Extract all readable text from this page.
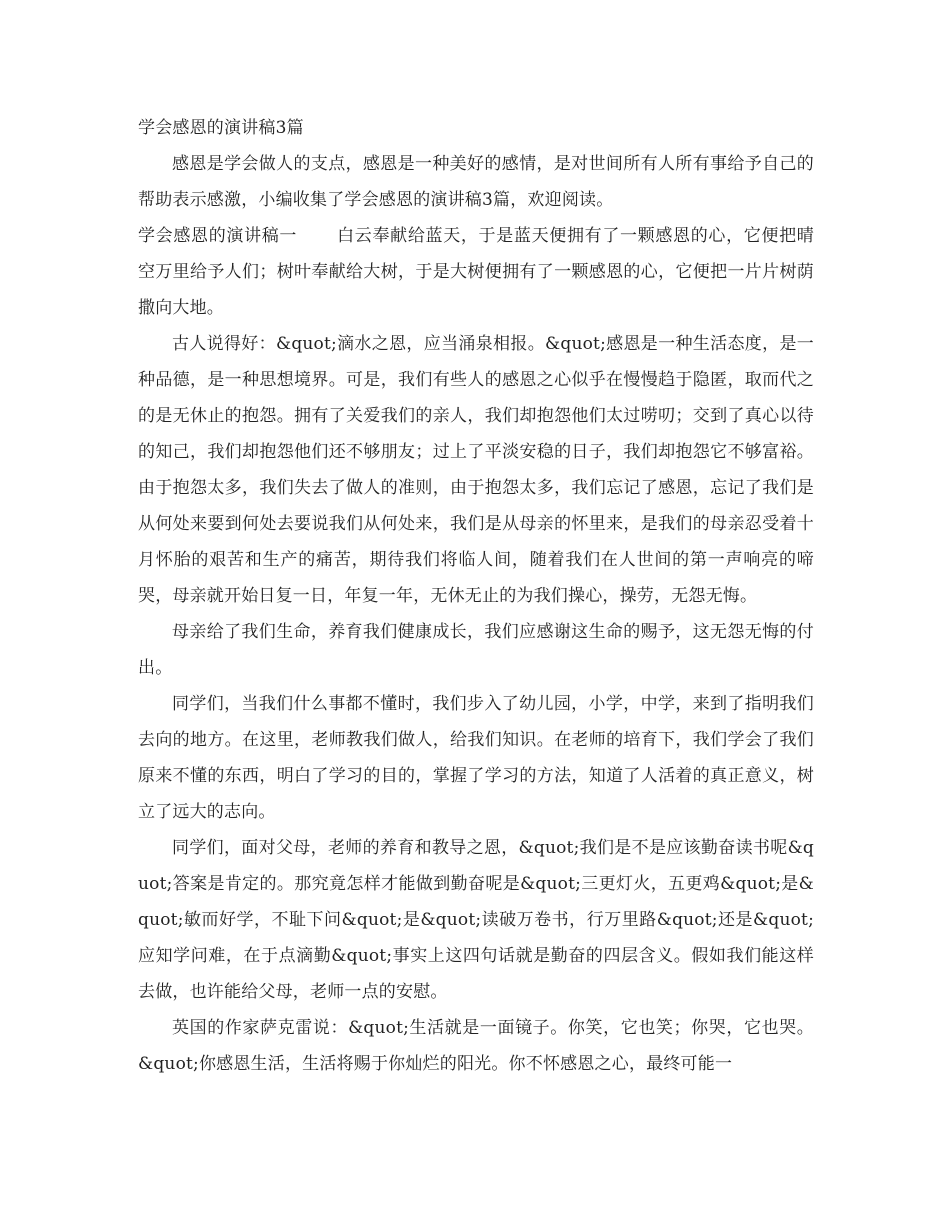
学会感恩的演讲稿3篇

感恩是学会做人的支点，感恩是一种美好的感情，是对世间所有人所有事给予自己的帮助表示感激，小编收集了学会感恩的演讲稿3篇，欢迎阅读。

学会感恩的演讲稿一 白云奉献给蓝天，于是蓝天便拥有了一颗感恩的心，它便把晴空万里给予人们；树叶奉献给大树，于是大树便拥有了一颗感恩的心，它便把一片片树荫撒向大地。

古人说得好：&quot;滴水之恩，应当涌泉相报。&quot;感恩是一种生活态度，是一种品德，是一种思想境界。可是，我们有些人的感恩之心似乎在慢慢趋于隐匿，取而代之的是无休止的抱怨。拥有了关爱我们的亲人，我们却抱怨他们太过唠叨；交到了真心以待的知己，我们却抱怨他们还不够朋友；过上了平淡安稳的日子，我们却抱怨它不够富裕。由于抱怨太多，我们失去了做人的准则，由于抱怨太多，我们忘记了感恩，忘记了我们是从何处来要到何处去要说我们从何处来，我们是从母亲的怀里来，是我们的母亲忍受着十月怀胎的艰苦和生产的痛苦，期待我们将临人间，随着我们在人世间的第一声响亮的啼哭，母亲就开始日复一日，年复一年，无休无止的为我们操心，操劳，无怨无悔。

母亲给了我们生命，养育我们健康成长，我们应感谢这生命的赐予，这无怨无悔的付出。

同学们，当我们什么事都不懂时，我们步入了幼儿园，小学，中学，来到了指明我们去向的地方。在这里，老师教我们做人，给我们知识。在老师的培育下，我们学会了我们原来不懂的东西，明白了学习的目的，掌握了学习的方法，知道了人活着的真正意义，树立了远大的志向。

同学们，面对父母，老师的养育和教导之恩，&quot;我们是不是应该勤奋读书呢&quot;答案是肯定的。那究竟怎样才能做到勤奋呢是&quot;三更灯火，五更鸡&quot;是&quot;敏而好学，不耻下问&quot;是&quot;读破万卷书，行万里路&quot;还是&quot;应知学问难，在于点滴勤&quot;事实上这四句话就是勤奋的四层含义。假如我们能这样去做，也许能给父母，老师一点的安慰。

英国的作家萨克雷说：&quot;生活就是一面镜子。你笑，它也笑；你哭，它也哭。&quot;你感恩生活，生活将赐于你灿烂的阳光。你不怀感恩之心，最终可能一
